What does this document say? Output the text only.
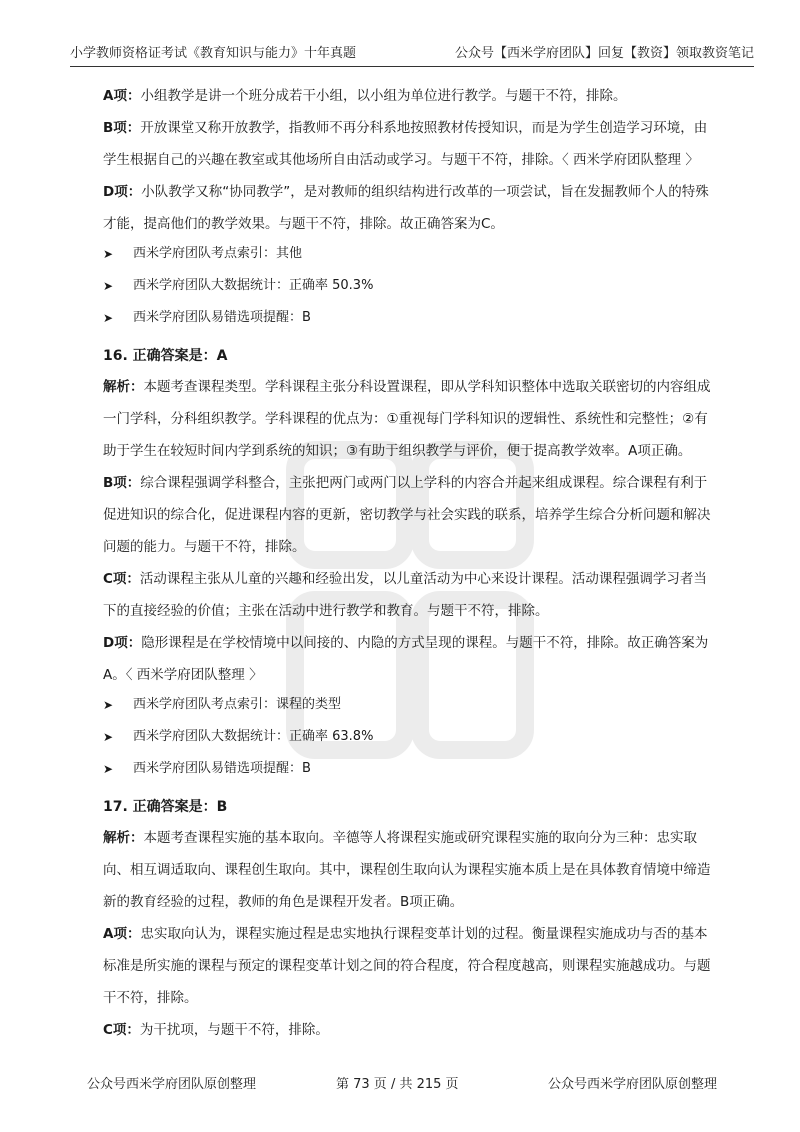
小学教师资格证考试《教育知识与能力》十年真题	公众号【西米学府团队】回复【教资】领取教资笔记
A项：小组教学是讲一个班分成若干小组，以小组为单位进行教学。与题干不符，排除。
B项：开放课堂又称开放教学，指教师不再分科系地按照教材传授知识，而是为学生创造学习环境，由学生根据自己的兴趣在教室或其他场所自由活动或学习。与题干不符，排除。〈 西米学府团队整理 〉
D项：小队教学又称“协同教学”，是对教师的组织结构进行改革的一项尝试，旨在发掘教师个人的特殊才能，提高他们的教学效果。与题干不符，排除。故正确答案为C。
➤	西米学府团队考点索引：其他
➤	西米学府团队大数据统计：正确率 50.3%
➤	西米学府团队易错选项提醒：B
16. 正确答案是：A
解析：本题考查课程类型。学科课程主张分科设置课程，即从学科知识整体中选取关联密切的内容组成一门学科，分科组织教学。学科课程的优点为：①重视每门学科知识的逻辑性、系统性和完整性；②有助于学生在较短时间内学到系统的知识；③有助于组织教学与评价，便于提高教学效率。A项正确。
B项：综合课程强调学科整合，主张把两门或两门以上学科的内容合并起来组成课程。综合课程有利于促进知识的综合化，促进课程内容的更新，密切教学与社会实践的联系，培养学生综合分析问题和解决问题的能力。与题干不符，排除。
C项：活动课程主张从儿童的兴趣和经验出发，以儿童活动为中心来设计课程。活动课程强调学习者当下的直接经验的价值；主张在活动中进行教学和教育。与题干不符，排除。
D项：隐形课程是在学校情境中以间接的、内隐的方式呈现的课程。与题干不符，排除。故正确答案为A。〈 西米学府团队整理 〉
➤	西米学府团队考点索引：课程的类型
➤	西米学府团队大数据统计：正确率 63.8%
➤	西米学府团队易错选项提醒：B
17. 正确答案是：B
解析：本题考查课程实施的基本取向。辛德等人将课程实施或研究课程实施的取向分为三种：忠实取向、相互调适取向、课程创生取向。其中，课程创生取向认为课程实施本质上是在具体教育情境中缔造新的教育经验的过程，教师的角色是课程开发者。B项正确。
A项：忠实取向认为，课程实施过程是忠实地执行课程变革计划的过程。衡量课程实施成功与否的基本标准是所实施的课程与预定的课程变革计划之间的符合程度，符合程度越高，则课程实施越成功。与题干不符，排除。
C项：为干扰项，与题干不符，排除。
公众号西米学府团队原创整理	第 73 页 / 共 215 页	公众号西米学府团队原创整理
